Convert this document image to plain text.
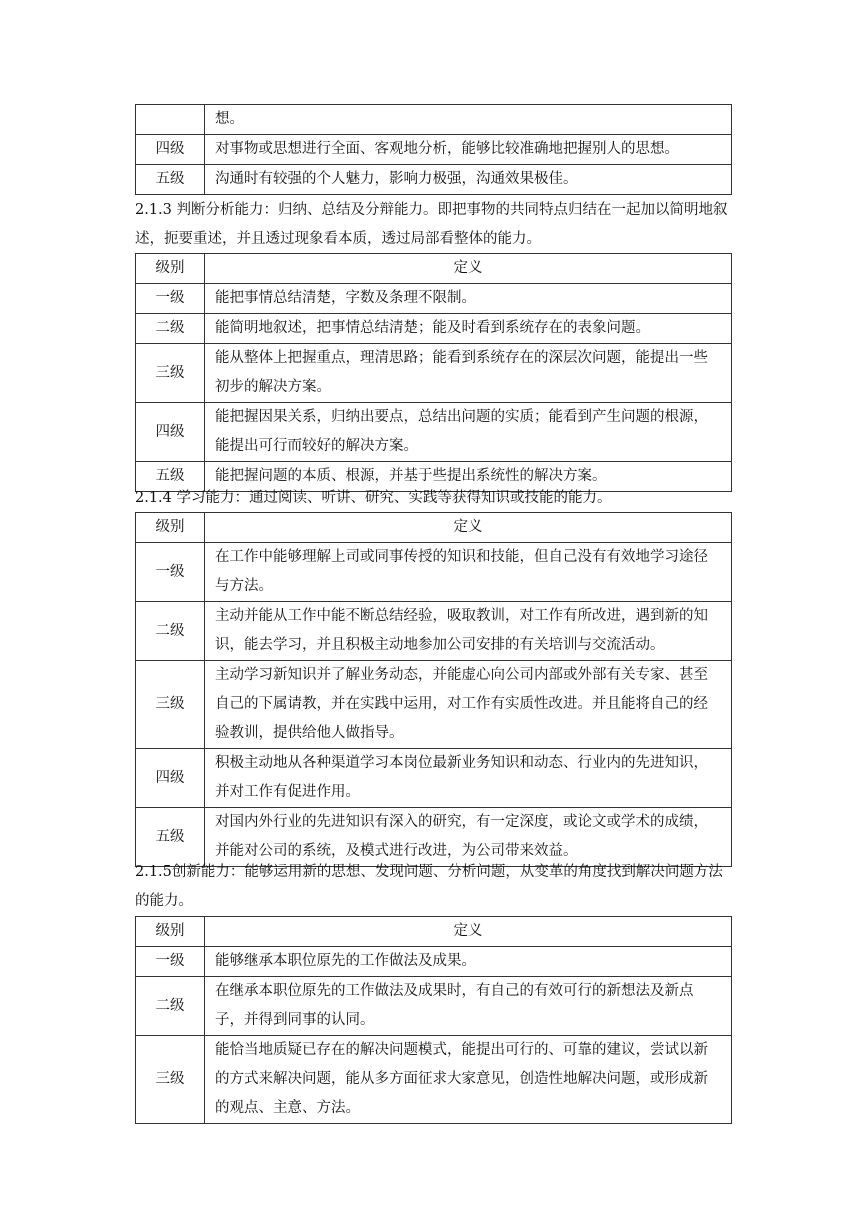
	想。
四级	对事物或思想进行全面、客观地分析，能够比较准确地把握别人的思想。
五级	沟通时有较强的个人魅力，影响力极强，沟通效果极佳。
2.1.3 判断分析能力：归纳、总结及分辩能力。即把事物的共同特点归结在一起加以简明地叙述，扼要重述，并且透过现象看本质，透过局部看整体的能力。
级别	定义
一级	能把事情总结清楚，字数及条理不限制。
二级	能简明地叙述，把事情总结清楚；能及时看到系统存在的表象问题。
三级	能从整体上把握重点，理清思路；能看到系统存在的深层次问题，能提出一些初步的解决方案。
四级	能把握因果关系，归纳出要点，总结出问题的实质；能看到产生问题的根源，能提出可行而较好的解决方案。
五级	能把握问题的本质、根源，并基于些提出系统性的解决方案。
2.1.4 学习能力：通过阅读、听讲、研究、实践等获得知识或技能的能力。
级别	定义
一级	在工作中能够理解上司或同事传授的知识和技能，但自己没有有效地学习途径与方法。
二级	主动并能从工作中能不断总结经验，吸取教训，对工作有所改进，遇到新的知识，能去学习，并且积极主动地参加公司安排的有关培训与交流活动。
三级	主动学习新知识并了解业务动态，并能虚心向公司内部或外部有关专家、甚至自己的下属请教，并在实践中运用，对工作有实质性改进。并且能将自己的经验教训，提供给他人做指导。
四级	积极主动地从各种渠道学习本岗位最新业务知识和动态、行业内的先进知识，并对工作有促进作用。
五级	对国内外行业的先进知识有深入的研究，有一定深度，或论文或学术的成绩，并能对公司的系统，及模式进行改进，为公司带来效益。
2.1.5创新能力：能够运用新的思想、发现问题、分析问题，从变革的角度找到解决问题方法的能力。
级别	定义
一级	能够继承本职位原先的工作做法及成果。
二级	在继承本职位原先的工作做法及成果时，有自己的有效可行的新想法及新点子，并得到同事的认同。
三级	能恰当地质疑已存在的解决问题模式，能提出可行的、可靠的建议，尝试以新的方式来解决问题，能从多方面征求大家意见，创造性地解决问题，或形成新的观点、主意、方法。
